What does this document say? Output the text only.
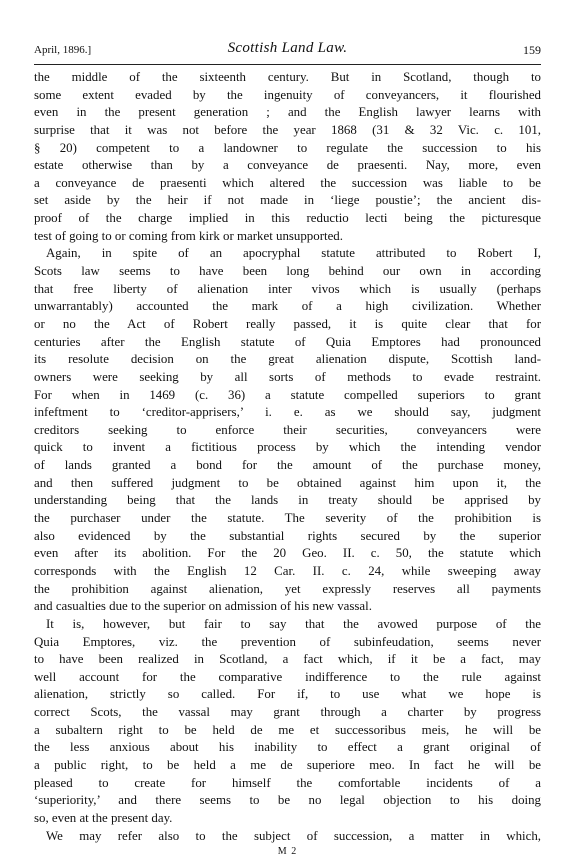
April, 1896.]	Scottish Land Law.	159
the middle of the sixteenth century. But in Scotland, though to
some extent evaded by the ingenuity of conveyancers, it flourished
even in the present generation ; and the English lawyer learns with
surprise that it was not before the year 1868 (31 & 32 Vic. c. 101,
§ 20) competent to a landowner to regulate the succession to his
estate otherwise than by a conveyance de praesenti. Nay, more, even
a conveyance de praesenti which altered the succession was liable to be
set aside by the heir if not made in ‘liege poustie’; the ancient dis-
proof of the charge implied in this reductio lecti being the picturesque
test of going to or coming from kirk or market unsupported.
Again, in spite of an apocryphal statute attributed to Robert I,
Scots law seems to have been long behind our own in according
that free liberty of alienation inter vivos which is usually (perhaps
unwarrantably) accounted the mark of a high civilization. Whether
or no the Act of Robert really passed, it is quite clear that for
centuries after the English statute of Quia Emptores had pronounced
its resolute decision on the great alienation dispute, Scottish land-
owners were seeking by all sorts of methods to evade restraint.
For when in 1469 (c. 36) a statute compelled superiors to grant
infeftment to ‘creditor-apprisers,’ i. e. as we should say, judgment
creditors seeking to enforce their securities, conveyancers were
quick to invent a fictitious process by which the intending vendor
of lands granted a bond for the amount of the purchase money,
and then suffered judgment to be obtained against him upon it, the
understanding being that the lands in treaty should be apprised by
the purchaser under the statute. The severity of the prohibition is
also evidenced by the substantial rights secured by the superior
even after its abolition. For the 20 Geo. II. c. 50, the statute which
corresponds with the English 12 Car. II. c. 24, while sweeping away
the prohibition against alienation, yet expressly reserves all payments
and casualties due to the superior on admission of his new vassal.
It is, however, but fair to say that the avowed purpose of the
Quia Emptores, viz. the prevention of subinfeudation, seems never
to have been realized in Scotland, a fact which, if it be a fact, may
well account for the comparative indifference to the rule against
alienation, strictly so called. For if, to use what we hope is
correct Scots, the vassal may grant through a charter by progress
a subaltern right to be held de me et successoribus meis, he will be
the less anxious about his inability to effect a grant original of
a public right, to be held a me de superiore meo. In fact he will be
pleased to create for himself the comfortable incidents of a
‘superiority,’ and there seems to be no legal objection to his doing
so, even at the present day.
We may refer also to the subject of succession, a matter in which,
M 2
